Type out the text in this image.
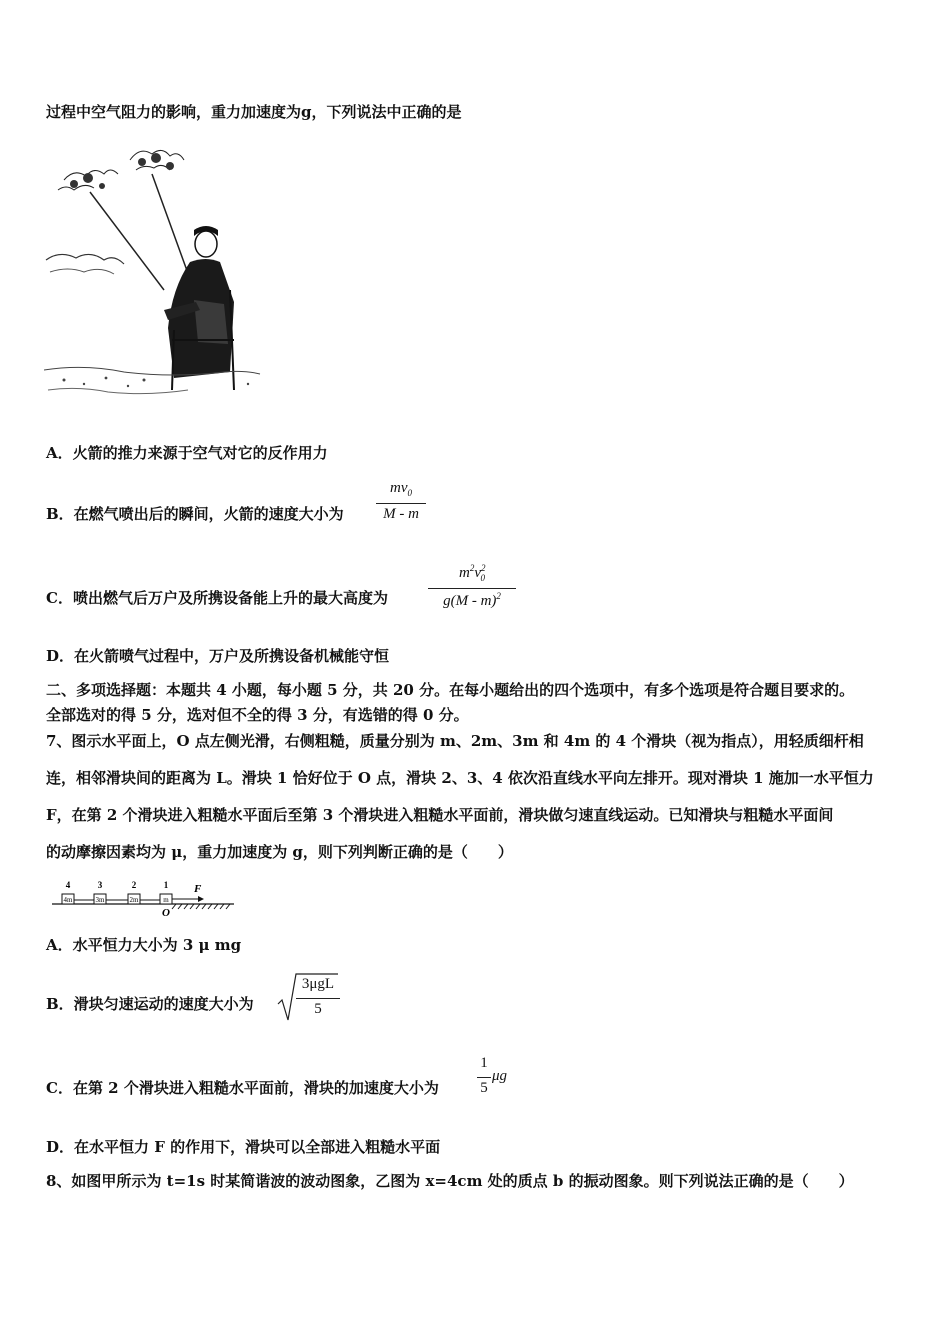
过程中空气阻力的影响，重力加速度为g，下列说法中正确的是
A．火箭的推力来源于空气对它的反作用力
B．在燃气喷出后的瞬间，火箭的速度大小为
$mv_0$
M - m
C．喷出燃气后万户及所携设备能上升的最大高度为
$m^2v^2_0$
g(M - m)$^2$
D．在火箭喷气过程中，万户及所携设备机械能守恒
二、多项选择题：本题共 4 小题，每小题 5 分，共 20 分。在每小题给出的四个选项中，有多个选项是符合题目要求的。
全部选对的得 5 分，选对但不全的得 3 分，有选错的得 0 分。
7、图示水平面上，O 点左侧光滑，右侧粗糙，质量分别为 m、2m、3m 和 4m 的 4 个滑块（视为指点），用轻质细杆相
连，相邻滑块间的距离为 L。滑块 1 恰好位于 O 点，滑块 2、3、4 依次沿直线水平向左排开。现对滑块 1 施加一水平恒力
F，在第 2 个滑块进入粗糙水平面后至第 3 个滑块进入粗糙水平面前，滑块做匀速直线运动。已知滑块与粗糙水平面间
的动摩擦因素均为 μ，重力加速度为 g，则下列判断正确的是（　　）
4m	3m	2m	m
4	3	2	1 F
O
A．水平恒力大小为 3 μ mg
B．滑块匀速运动的速度大小为
3μgL
5
C．在第 2 个滑块进入粗糙水平面前，滑块的加速度大小为
1
5
μg
D．在水平恒力 F 的作用下，滑块可以全部进入粗糙水平面
8、如图甲所示为 t=1s 时某简谐波的波动图象，乙图为 x=4cm 处的质点 b 的振动图象。则下列说法正确的是（　　）
